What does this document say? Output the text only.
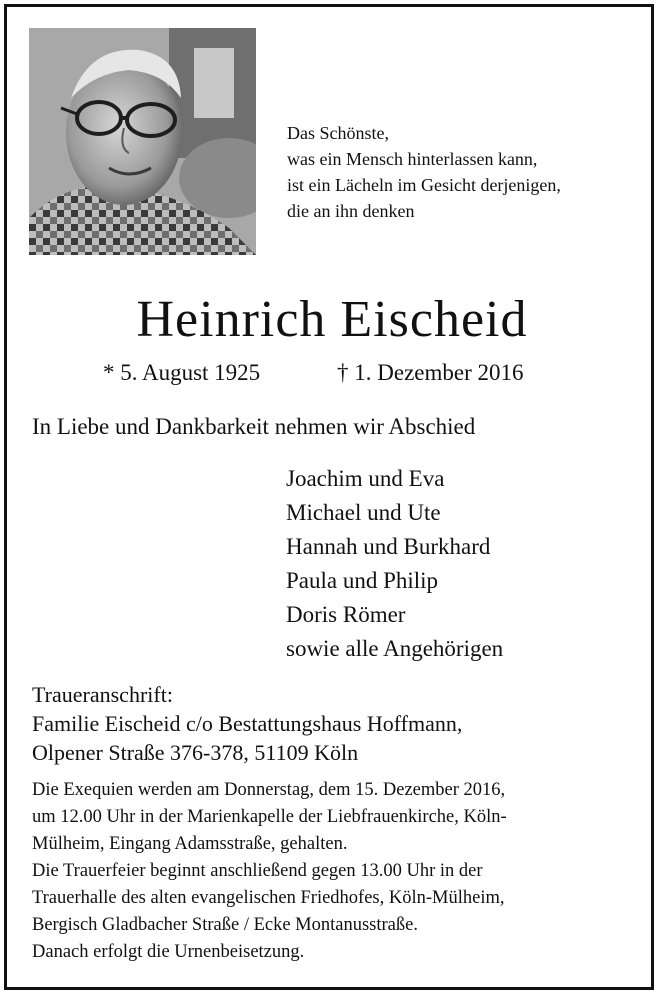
Das Schönste,
was ein Mensch hinterlassen kann,
ist ein Lächeln im Gesicht derjenigen,
die an ihn denken
Heinrich Eischeid
* 5. August 1925	† 1. Dezember 2016
In Liebe und Dankbarkeit nehmen wir Abschied
Joachim und Eva
Michael und Ute
Hannah und Burkhard
Paula und Philip
Doris Römer
sowie alle Angehörigen
Traueranschrift:
Familie Eischeid c/o Bestattungshaus Hoffmann,
Olpener Straße 376-378, 51109 Köln
Die Exequien werden am Donnerstag, dem 15. Dezember 2016,
um 12.00 Uhr in der Marienkapelle der Liebfrauenkirche, Köln-
Mülheim, Eingang Adamsstraße, gehalten.
Die Trauerfeier beginnt anschließend gegen 13.00 Uhr in der
Trauerhalle des alten evangelischen Friedhofes, Köln-Mülheim,
Bergisch Gladbacher Straße / Ecke Montanusstraße.
Danach erfolgt die Urnenbeisetzung.
